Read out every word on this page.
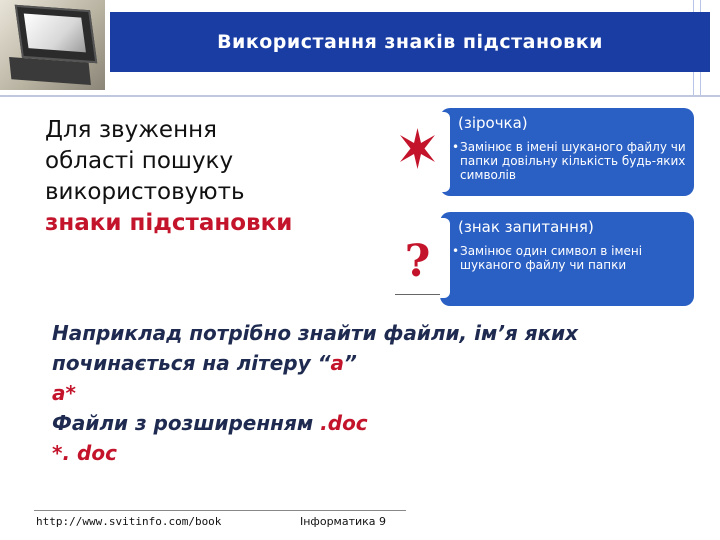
Використання знаків підстановки
Для звуження
області пошуку
використовують
знаки підстановки
(зірочка)
• Замінює в імені шуканого файлу чи папки довільну кількість будь-яких символів
(знак запитання)
• Замінює один символ в імені шуканого файлу чи папки
?
Наприклад потрібно знайти файли, ім’я яких
починається на літеру “a”
a*
Файли з розширенням .doc
*. doc
http://www.svitinfo.com/book	Інформатика 9
